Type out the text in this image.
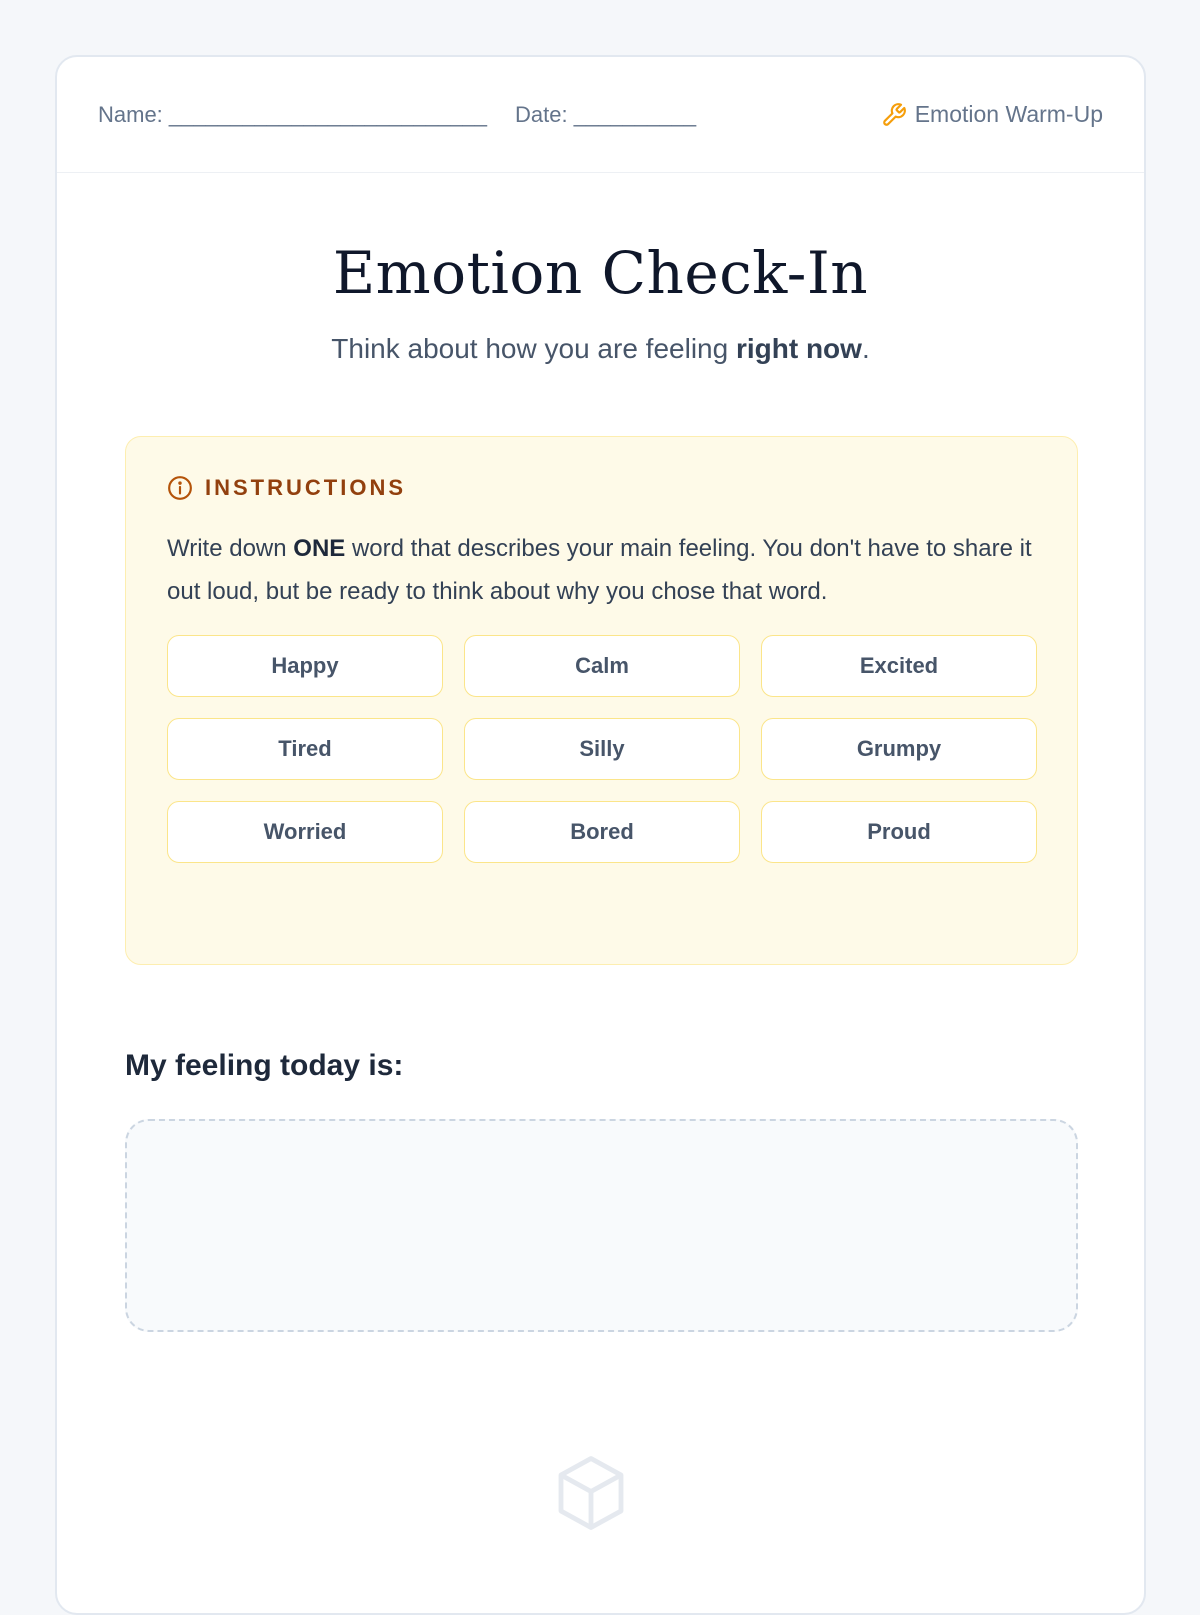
Name: __________________________ Date: __________	Emotion Warm-Up
Emotion Check-In

Think about how you are feeling right now.

INSTRUCTIONS

Write down ONE word that describes your main feeling. You don't have to share it out loud, but be ready to think about why you chose that word.

Happy	Calm	Excited
Tired	Silly	Grumpy
Worried	Bored	Proud
My feeling today is:
